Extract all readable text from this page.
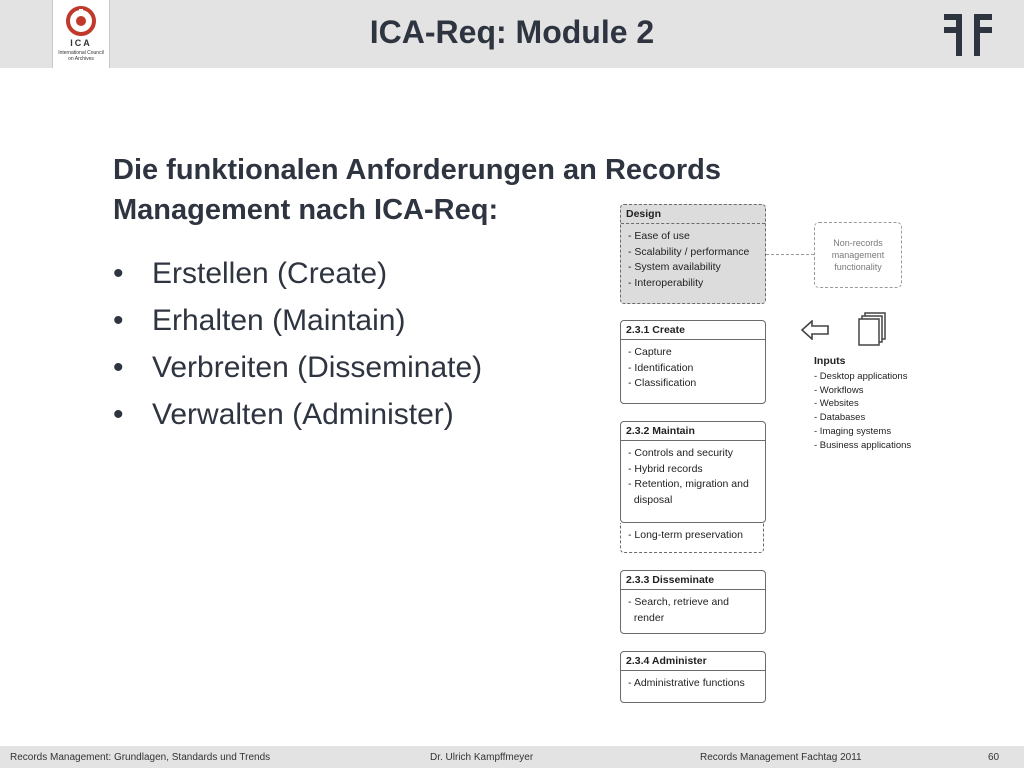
ICA
International Council
on Archives
ICA-Req: Module 2
Die funktionalen Anforderungen an Records
Management nach ICA-Req:
• Erstellen (Create)
• Erhalten (Maintain)
• Verbreiten (Disseminate)
• Verwalten (Administer)
Design
- Ease of use
- Scalability / performance
- System availability
- Interoperability
Non-records
management
functionality
2.3.1 Create
- Capture
- Identification
- Classification
Inputs
- Desktop applications
- Workflows
- Websites
- Databases
- Imaging systems
- Business applications
2.3.2 Maintain
- Controls and security
- Hybrid records
- Retention, migration and
disposal
- Long-term preservation
2.3.3 Disseminate
- Search, retrieve and
render
2.3.4 Administer
- Administrative functions
Records Management: Grundlagen, Standards und Trends	Dr. Ulrich Kampffmeyer	Records Management Fachtag 2011	60
